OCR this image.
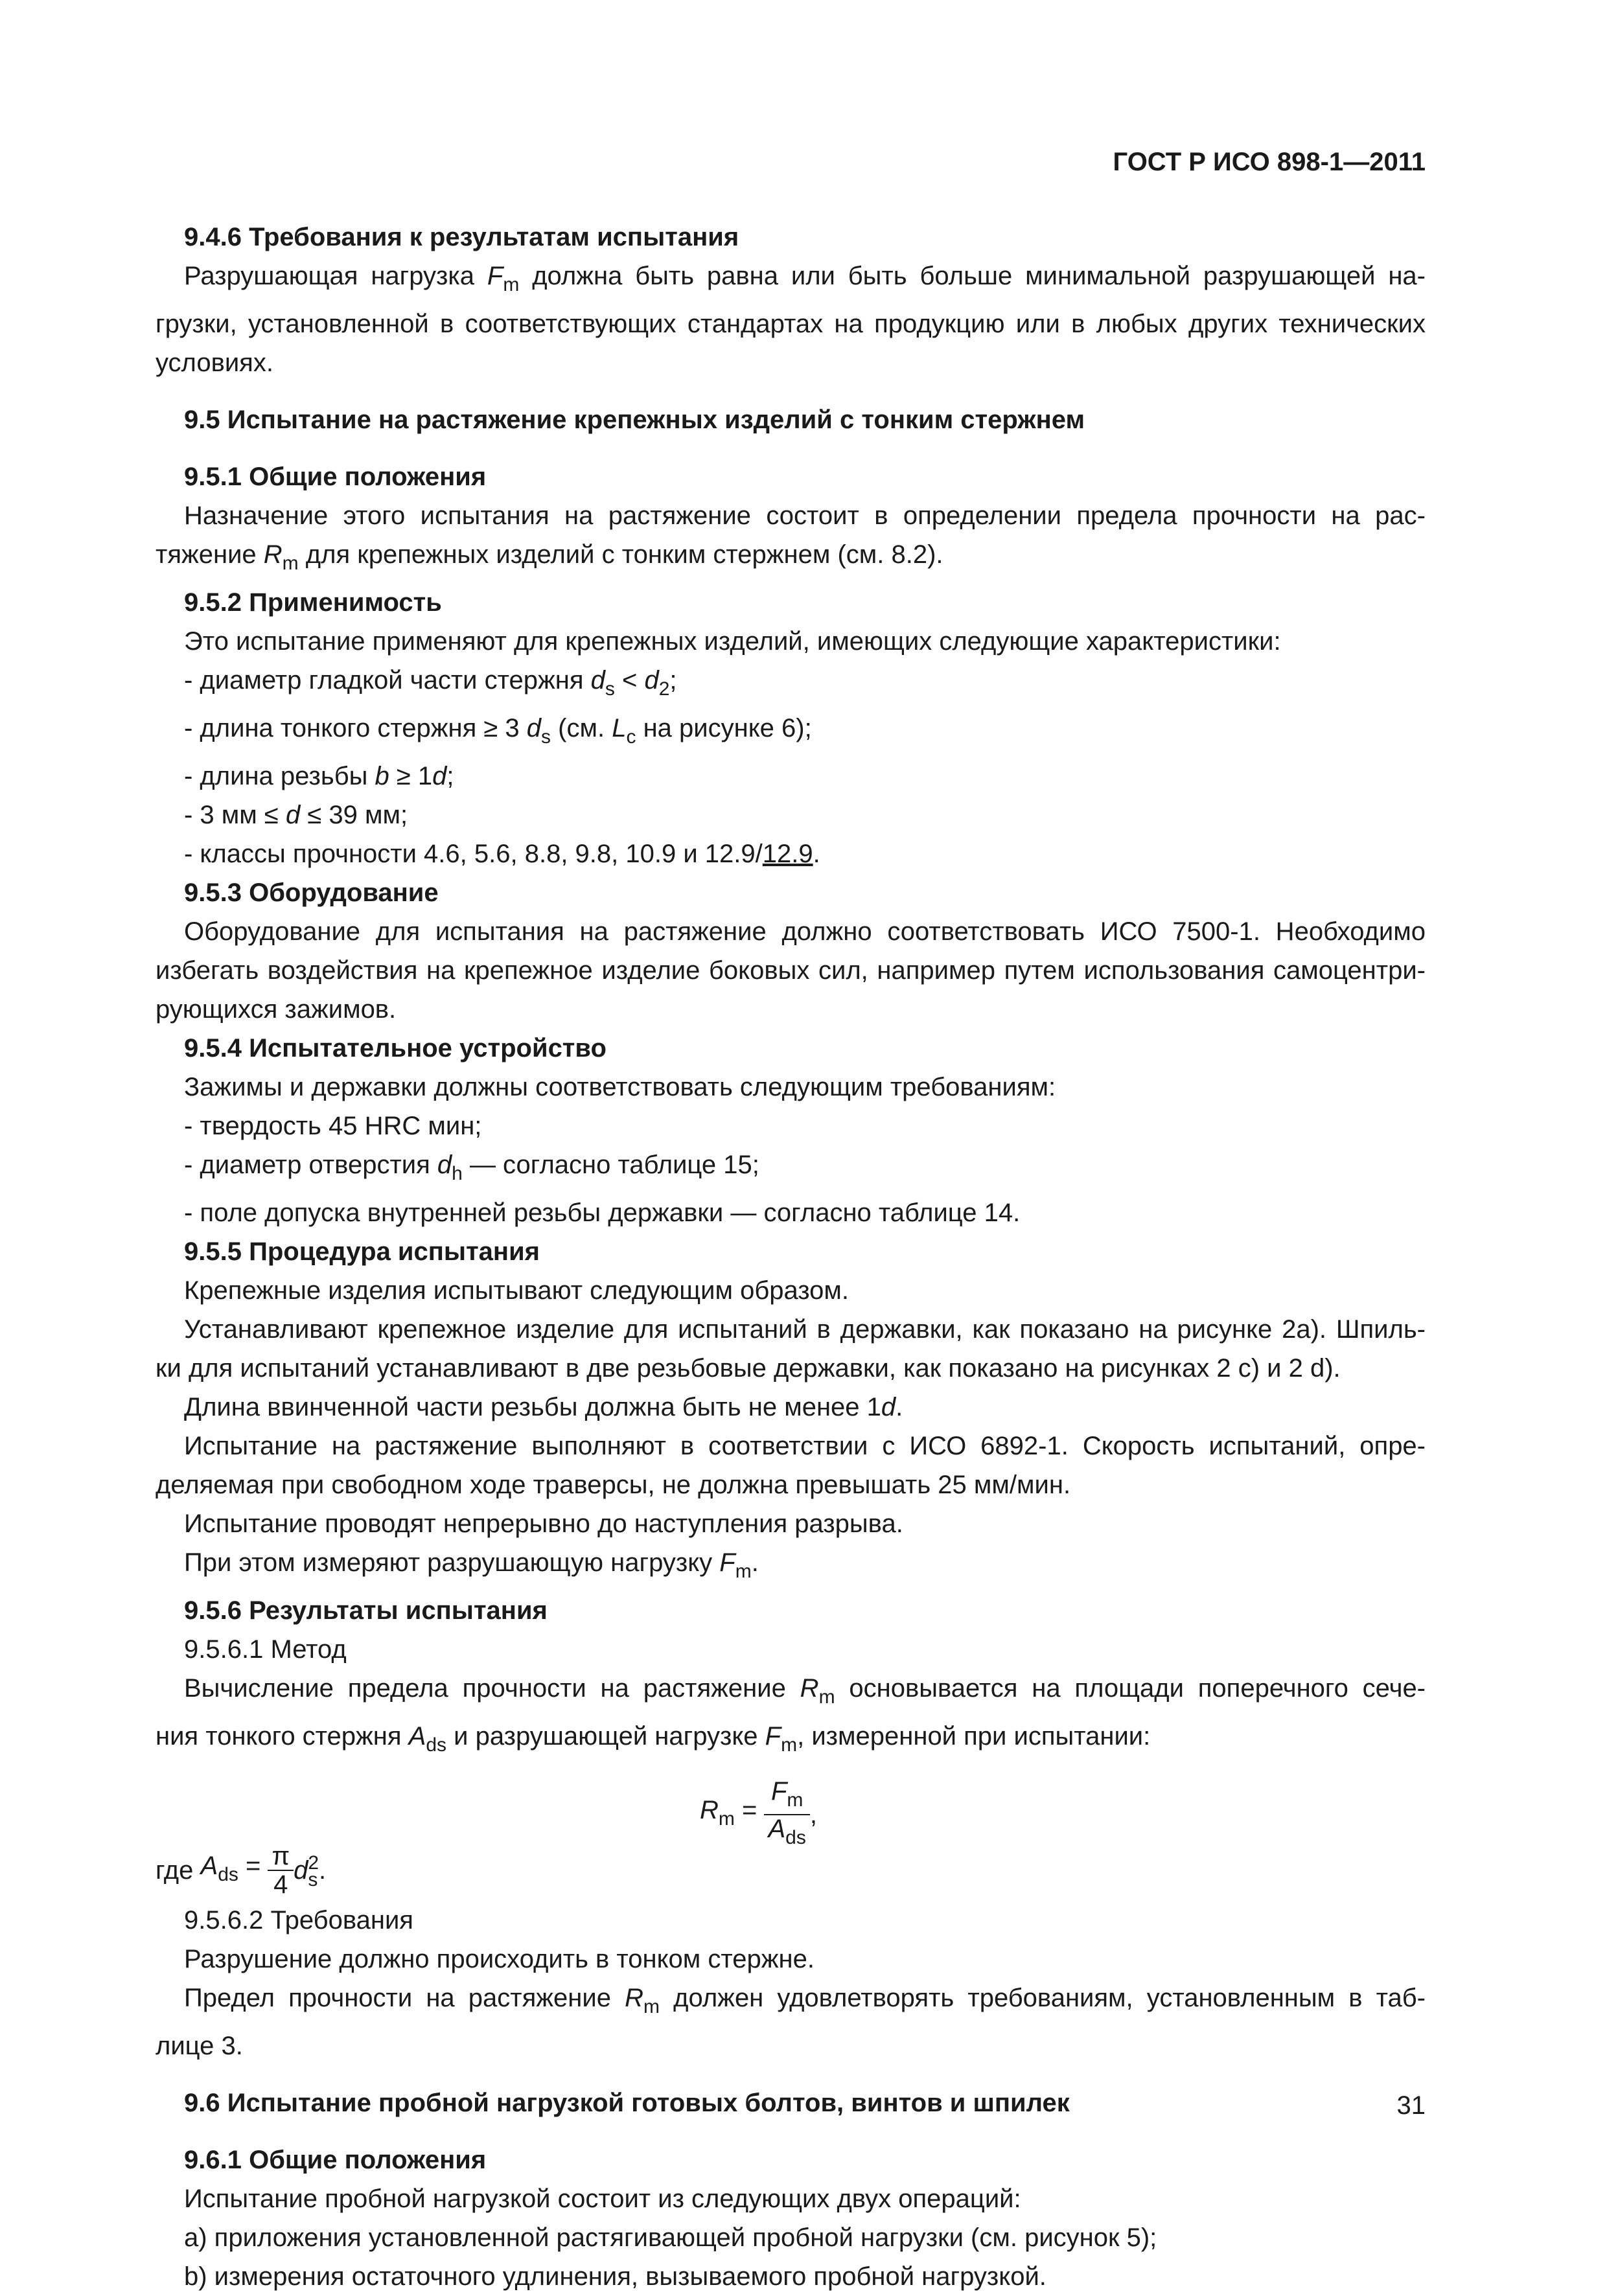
ГОСТ Р ИСО 898-1—2011
9.4.6 Требования к результатам испытания
Разрушающая нагрузка $F_m$ должна быть равна или быть больше минимальной разрушающей на-
грузки, установленной в соответствующих стандартах на продукцию или в любых других технических
условиях.
9.5 Испытание на растяжение крепежных изделий с тонким стержнем
9.5.1 Общие положения
Назначение этого испытания на растяжение состоит в определении предела прочности на рас-
тяжение $R_m$ для крепежных изделий с тонким стержнем (см. 8.2).
9.5.2 Применимость
Это испытание применяют для крепежных изделий, имеющих следующие характеристики:
- диаметр гладкой части стержня $d_s < d_2$;
- длина тонкого стержня ≥ 3 $d_s$ (см. $L_c$ на рисунке 6);
- длина резьбы b ≥ 1d;
- 3 мм ≤ d ≤ 39 мм;
- классы прочности 4.6, 5.6, 8.8, 9.8, 10.9 и 12.9/12.9.
9.5.3 Оборудование
Оборудование для испытания на растяжение должно соответствовать ИСО 7500-1. Необходимо
избегать воздействия на крепежное изделие боковых сил, например путем использования самоцентри-
рующихся зажимов.
9.5.4 Испытательное устройство
Зажимы и державки должны соответствовать следующим требованиям:
- твердость 45 HRC мин;
- диаметр отверстия $d_h$ — согласно таблице 15;
- поле допуска внутренней резьбы державки — согласно таблице 14.
9.5.5 Процедура испытания
Крепежные изделия испытывают следующим образом.
Устанавливают крепежное изделие для испытаний в державки, как показано на рисунке 2а). Шпиль-
ки для испытаний устанавливают в две резьбовые державки, как показано на рисунках 2 с) и 2 d).
Длина ввинченной части резьбы должна быть не менее 1d.
Испытание на растяжение выполняют в соответствии с ИСО 6892-1. Скорость испытаний, опре-
деляемая при свободном ходе траверсы, не должна превышать 25 мм/мин.
Испытание проводят непрерывно до наступления разрыва.
При этом измеряют разрушающую нагрузку $F_m$.
9.5.6 Результаты испытания
9.5.6.1 Метод
Вычисление предела прочности на растяжение $R_m$ основывается на площади поперечного сече-
ния тонкого стержня $A_{ds}$ и разрушающей нагрузке $F_m$, измеренной при испытании:
$R_m = \frac{F_m}{A_{ds}}$ ,
где $A_{ds} = \frac{\pi}{4}$ d 2
s .
9.5.6.2 Требования
Разрушение должно происходить в тонком стержне.
Предел прочности на растяжение $R_m$ должен удовлетворять требованиям, установленным в таб-
лице 3.
9.6 Испытание пробной нагрузкой готовых болтов, винтов и шпилек
9.6.1 Общие положения
Испытание пробной нагрузкой состоит из следующих двух операций:
а) приложения установленной растягивающей пробной нагрузки (см. рисунок 5);
b) измерения остаточного удлинения, вызываемого пробной нагрузкой.
31
